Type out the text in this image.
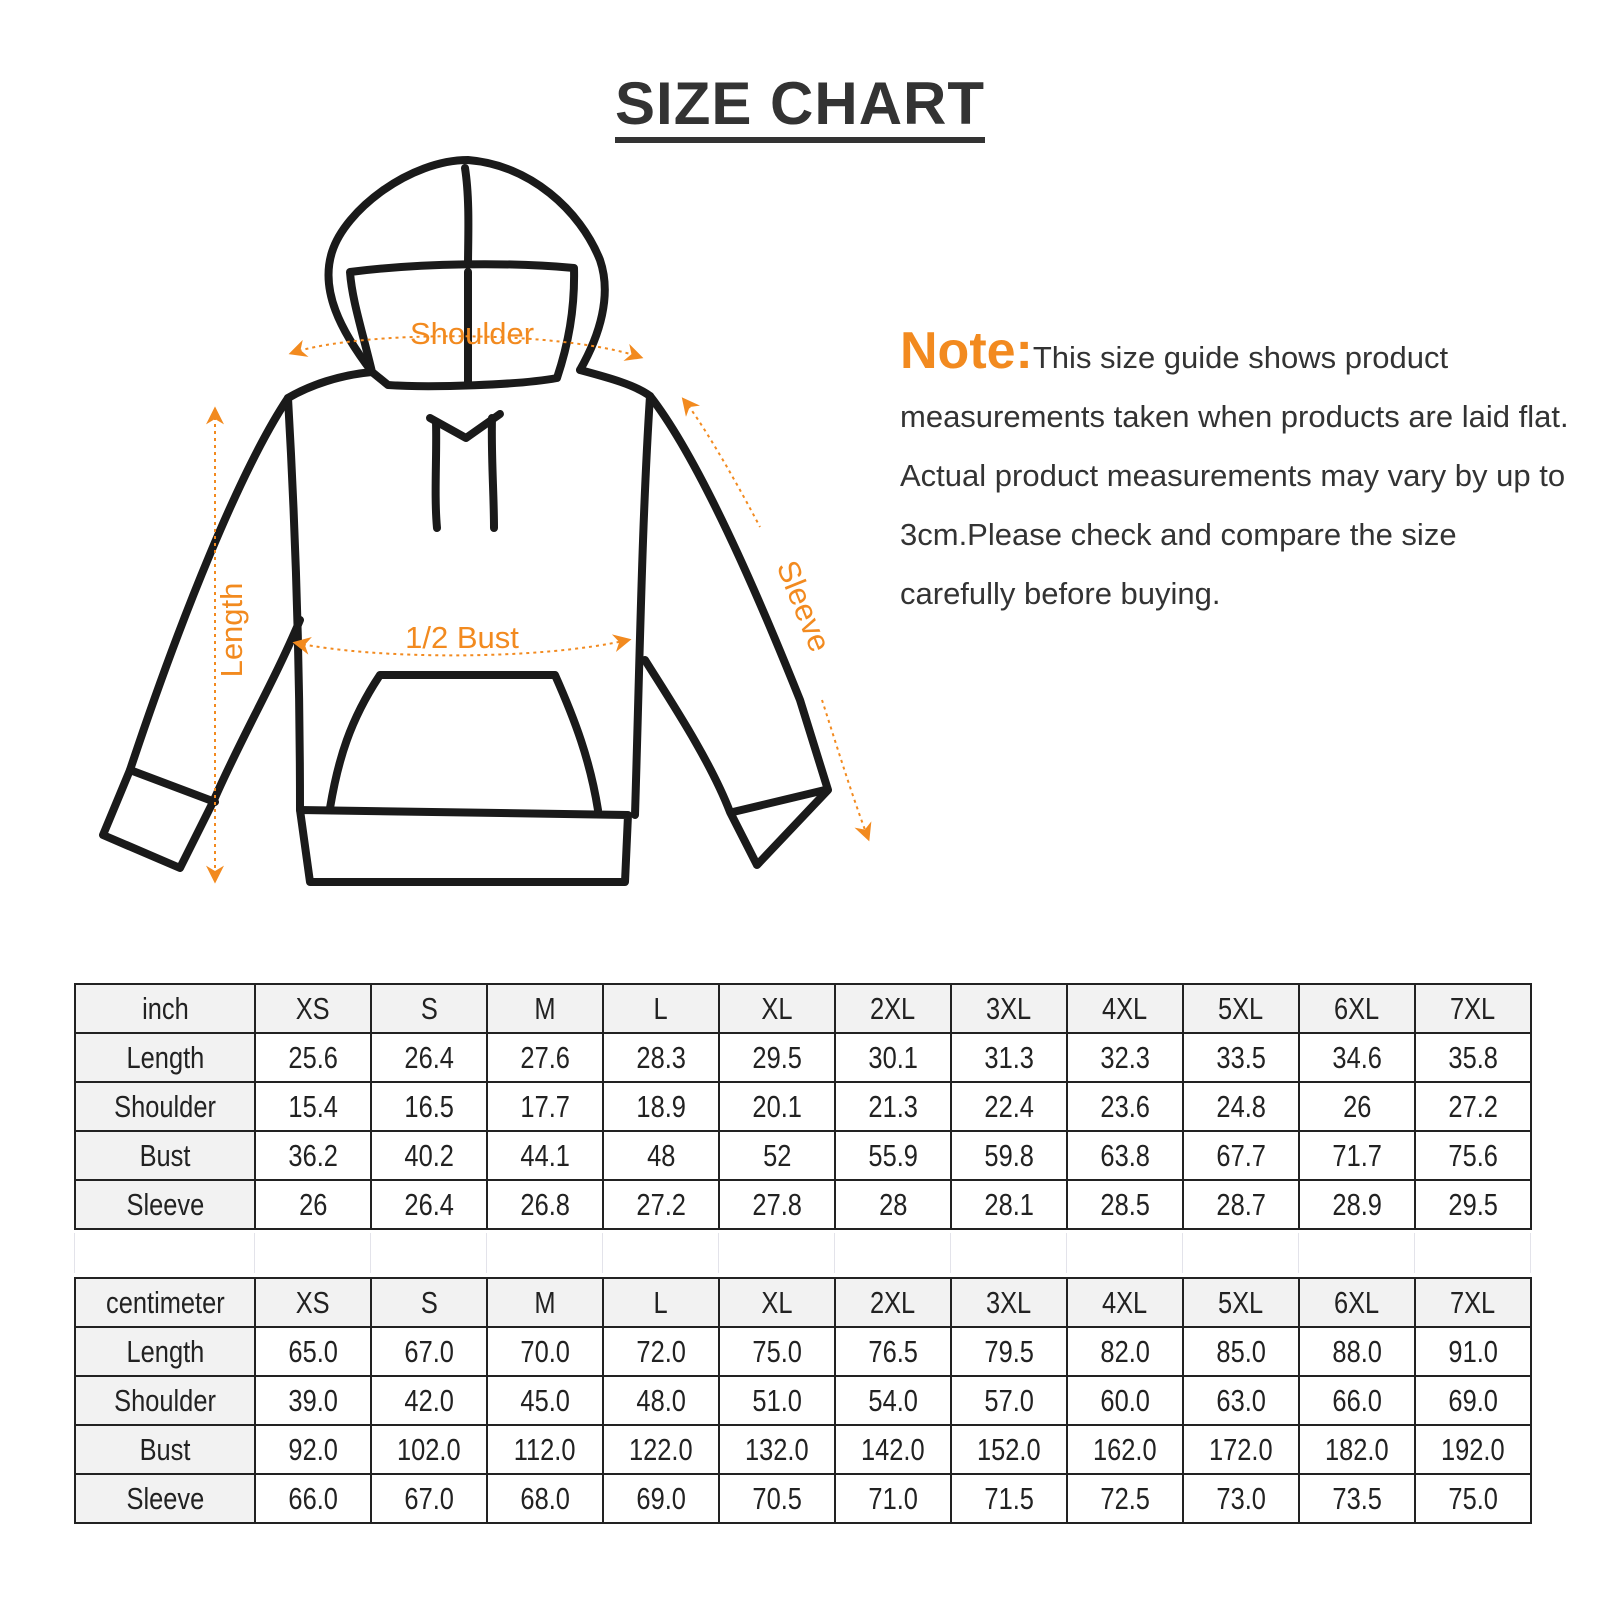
SIZE CHART
Shoulder
Length	1/2 Bust	Sleeve
Note:This size guide shows product measurements taken when products are laid flat. Actual product measurements may vary by up to 3cm.Please check and compare the size carefully before buying.
inch	XS	S	M	L	XL	2XL	3XL	4XL	5XL	6XL	7XL
Length	25.6	26.4	27.6	28.3	29.5	30.1	31.3	32.3	33.5	34.6	35.8
Shoulder	15.4	16.5	17.7	18.9	20.1	21.3	22.4	23.6	24.8	26	27.2
Bust	36.2	40.2	44.1	48	52	55.9	59.8	63.8	67.7	71.7	75.6
Sleeve	26	26.4	26.8	27.2	27.8	28	28.1	28.5	28.7	28.9	29.5
centimeter	XS	S	M	L	XL	2XL	3XL	4XL	5XL	6XL	7XL
Length	65.0	67.0	70.0	72.0	75.0	76.5	79.5	82.0	85.0	88.0	91.0
Shoulder	39.0	42.0	45.0	48.0	51.0	54.0	57.0	60.0	63.0	66.0	69.0
Bust	92.0	102.0	112.0	122.0	132.0	142.0	152.0	162.0	172.0	182.0	192.0
Sleeve	66.0	67.0	68.0	69.0	70.5	71.0	71.5	72.5	73.0	73.5	75.0
